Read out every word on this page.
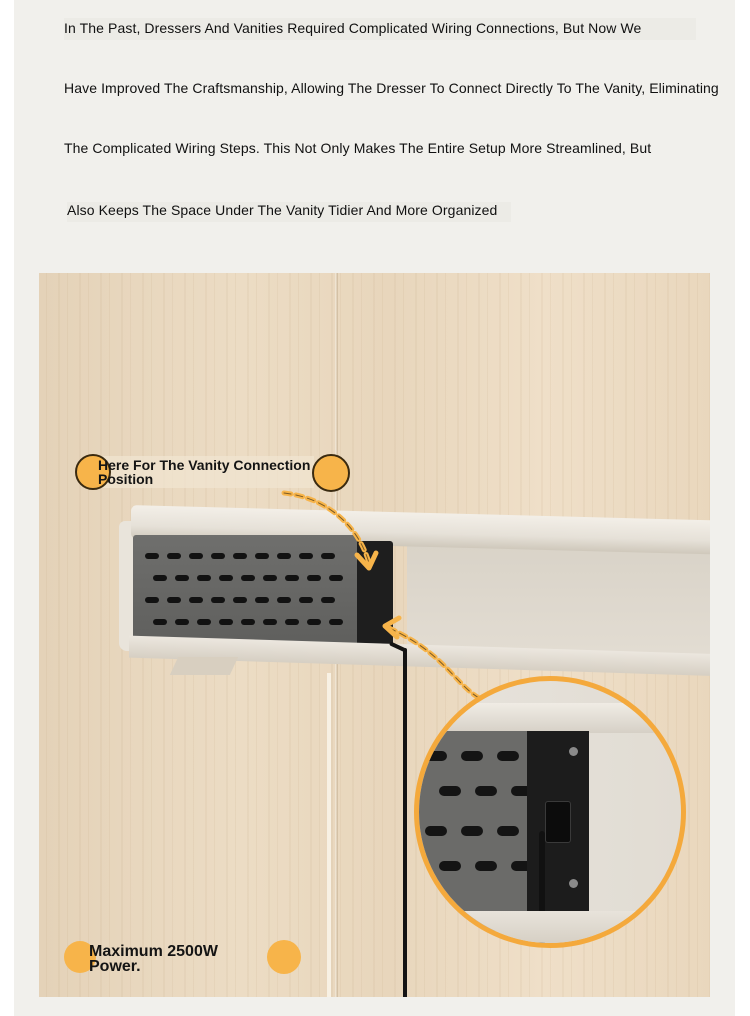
In The Past, Dressers And Vanities Required Complicated Wiring Connections, But Now We

Have Improved The Craftsmanship, Allowing The Dresser To Connect Directly To The Vanity, Eliminating

The Complicated Wiring Steps. This Not Only Makes The Entire Setup More Streamlined, But

Also Keeps The Space Under The Vanity Tidier And More Organized

Here For The Vanity Connection Position

Maximum 2500W Power.
